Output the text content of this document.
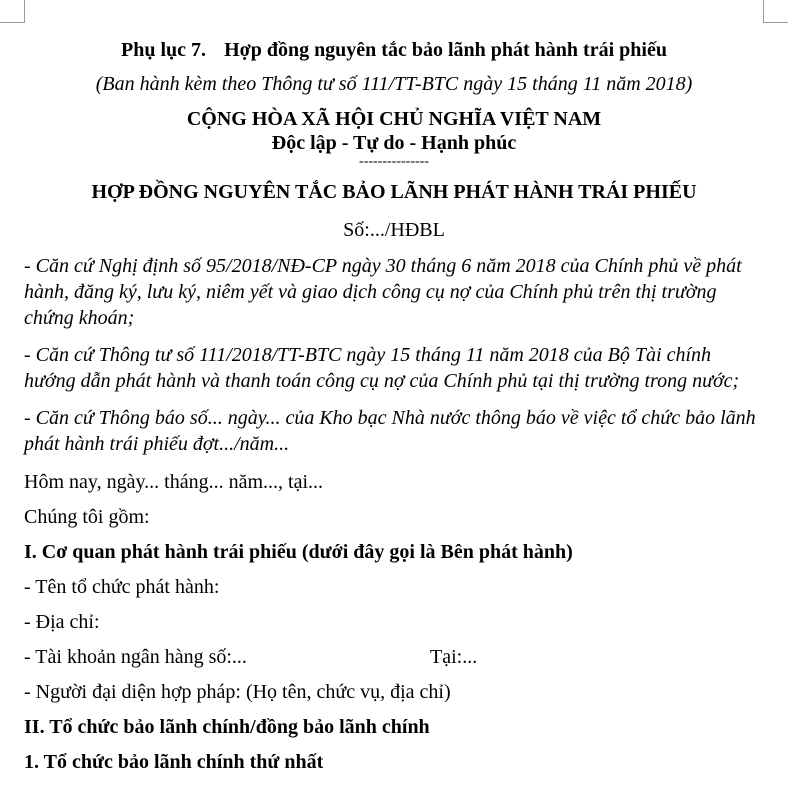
Phụ lục 7. Hợp đồng nguyên tắc bảo lãnh phát hành trái phiếu
(Ban hành kèm theo Thông tư số 111/TT-BTC ngày 15 tháng 11 năm 2018)
CỘNG HÒA XÃ HỘI CHỦ NGHĨA VIỆT NAM
Độc lập - Tự do - Hạnh phúc
---------------
HỢP ĐỒNG NGUYÊN TẮC BẢO LÃNH PHÁT HÀNH TRÁI PHIẾU
Số:.../HĐBL
- Căn cứ Nghị định số 95/2018/NĐ-CP ngày 30 tháng 6 năm 2018 của Chính phủ về phát hành, đăng ký, lưu ký, niêm yết và giao dịch công cụ nợ của Chính phủ trên thị trường chứng khoán;
- Căn cứ Thông tư số 111/2018/TT-BTC ngày 15 tháng 11 năm 2018 của Bộ Tài chính hướng dẫn phát hành và thanh toán công cụ nợ của Chính phủ tại thị trường trong nước;
- Căn cứ Thông báo số... ngày... của Kho bạc Nhà nước thông báo về việc tổ chức bảo lãnh phát hành trái phiếu đợt.../năm...
Hôm nay, ngày... tháng... năm..., tại...
Chúng tôi gồm:
I. Cơ quan phát hành trái phiếu (dưới đây gọi là Bên phát hành)
- Tên tổ chức phát hành:
- Địa chỉ:
- Tài khoản ngân hàng số:...	Tại:...
- Người đại diện hợp pháp: (Họ tên, chức vụ, địa chỉ)
II. Tổ chức bảo lãnh chính/đồng bảo lãnh chính
1. Tổ chức bảo lãnh chính thứ nhất
